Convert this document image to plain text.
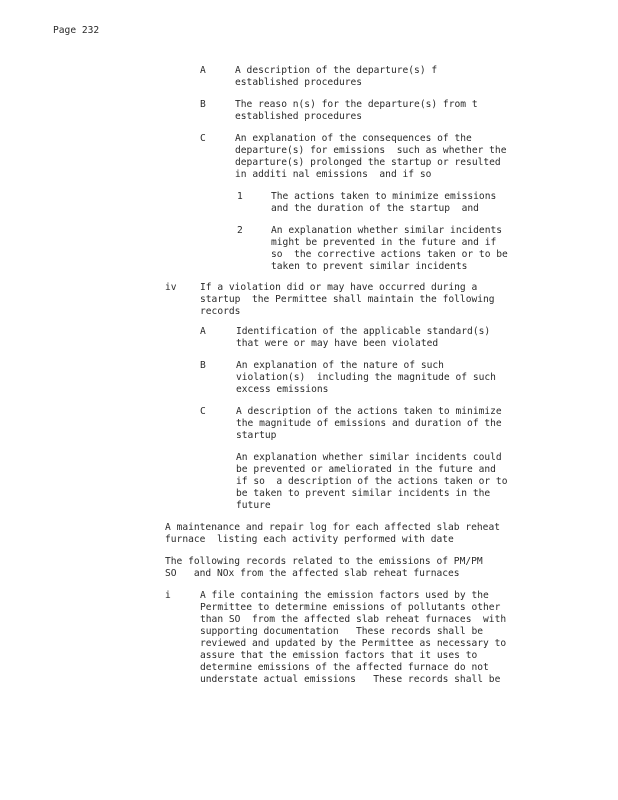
Page 232
A	A description of the departure(s) f
established procedures
B	The reaso n(s) for the departure(s) from t
established procedures
C	An explanation of the consequences of the
departure(s) for emissions  such as whether the
departure(s) prolonged the startup or resulted
in additi nal emissions  and if so
1	The actions taken to minimize emissions
and the duration of the startup  and
2	An explanation whether similar incidents
might be prevented in the future and if
so  the corrective actions taken or to be
taken to prevent similar incidents
iv If a violation did or may have occurred during a
startup  the Permittee shall maintain the following
records
A	Identification of the applicable standard(s)
that were or may have been violated
B	An explanation of the nature of such
violation(s)  including the magnitude of such
excess emissions
C	A description of the actions taken to minimize
the magnitude of emissions and duration of the
startup
An explanation whether similar incidents could
be prevented or ameliorated in the future and
if so  a description of the actions taken or to
be taken to prevent similar incidents in the
future
A maintenance and repair log for each affected slab reheat
furnace  listing each activity performed with date
The following records related to the emissions of PM/PM
SO   and NOx from the affected slab reheat furnaces
i	A file containing the emission factors used by the
Permittee to determine emissions of pollutants other
than SO  from the affected slab reheat furnaces  with
supporting documentation   These records shall be
reviewed and updated by the Permittee as necessary to
assure that the emission factors that it uses to
determine emissions of the affected furnace do not
understate actual emissions   These records shall be
